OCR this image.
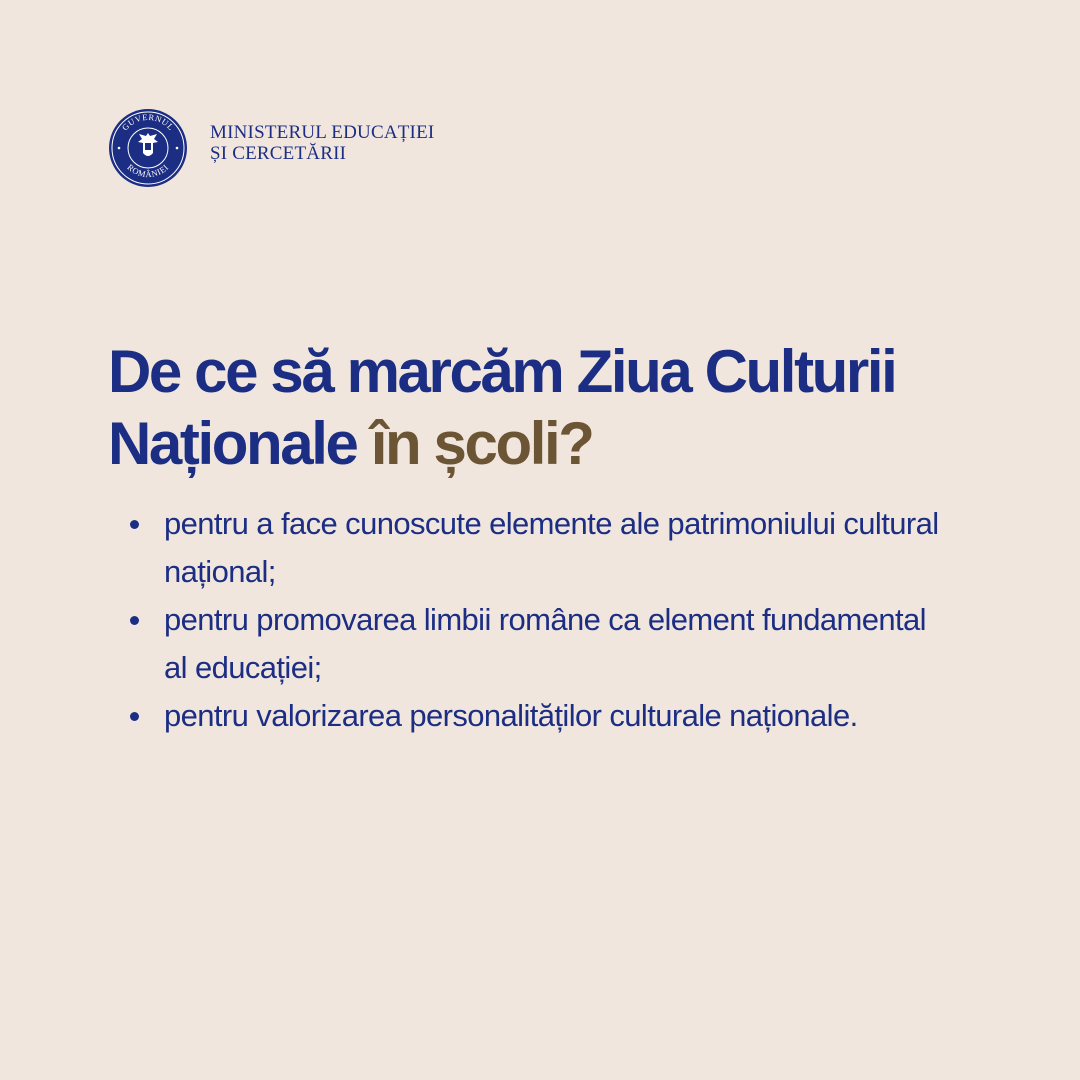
GUVERNUL
ROMÂNIEI
MINISTERUL EDUCAȚIEI
ȘI CERCETĂRII
De ce să marcăm Ziua Culturii
Naționale în școli?
pentru a face cunoscute elemente ale patrimoniului cultural național;
pentru promovarea limbii române ca element fundamental al educației;
pentru valorizarea personalităților culturale naționale.
